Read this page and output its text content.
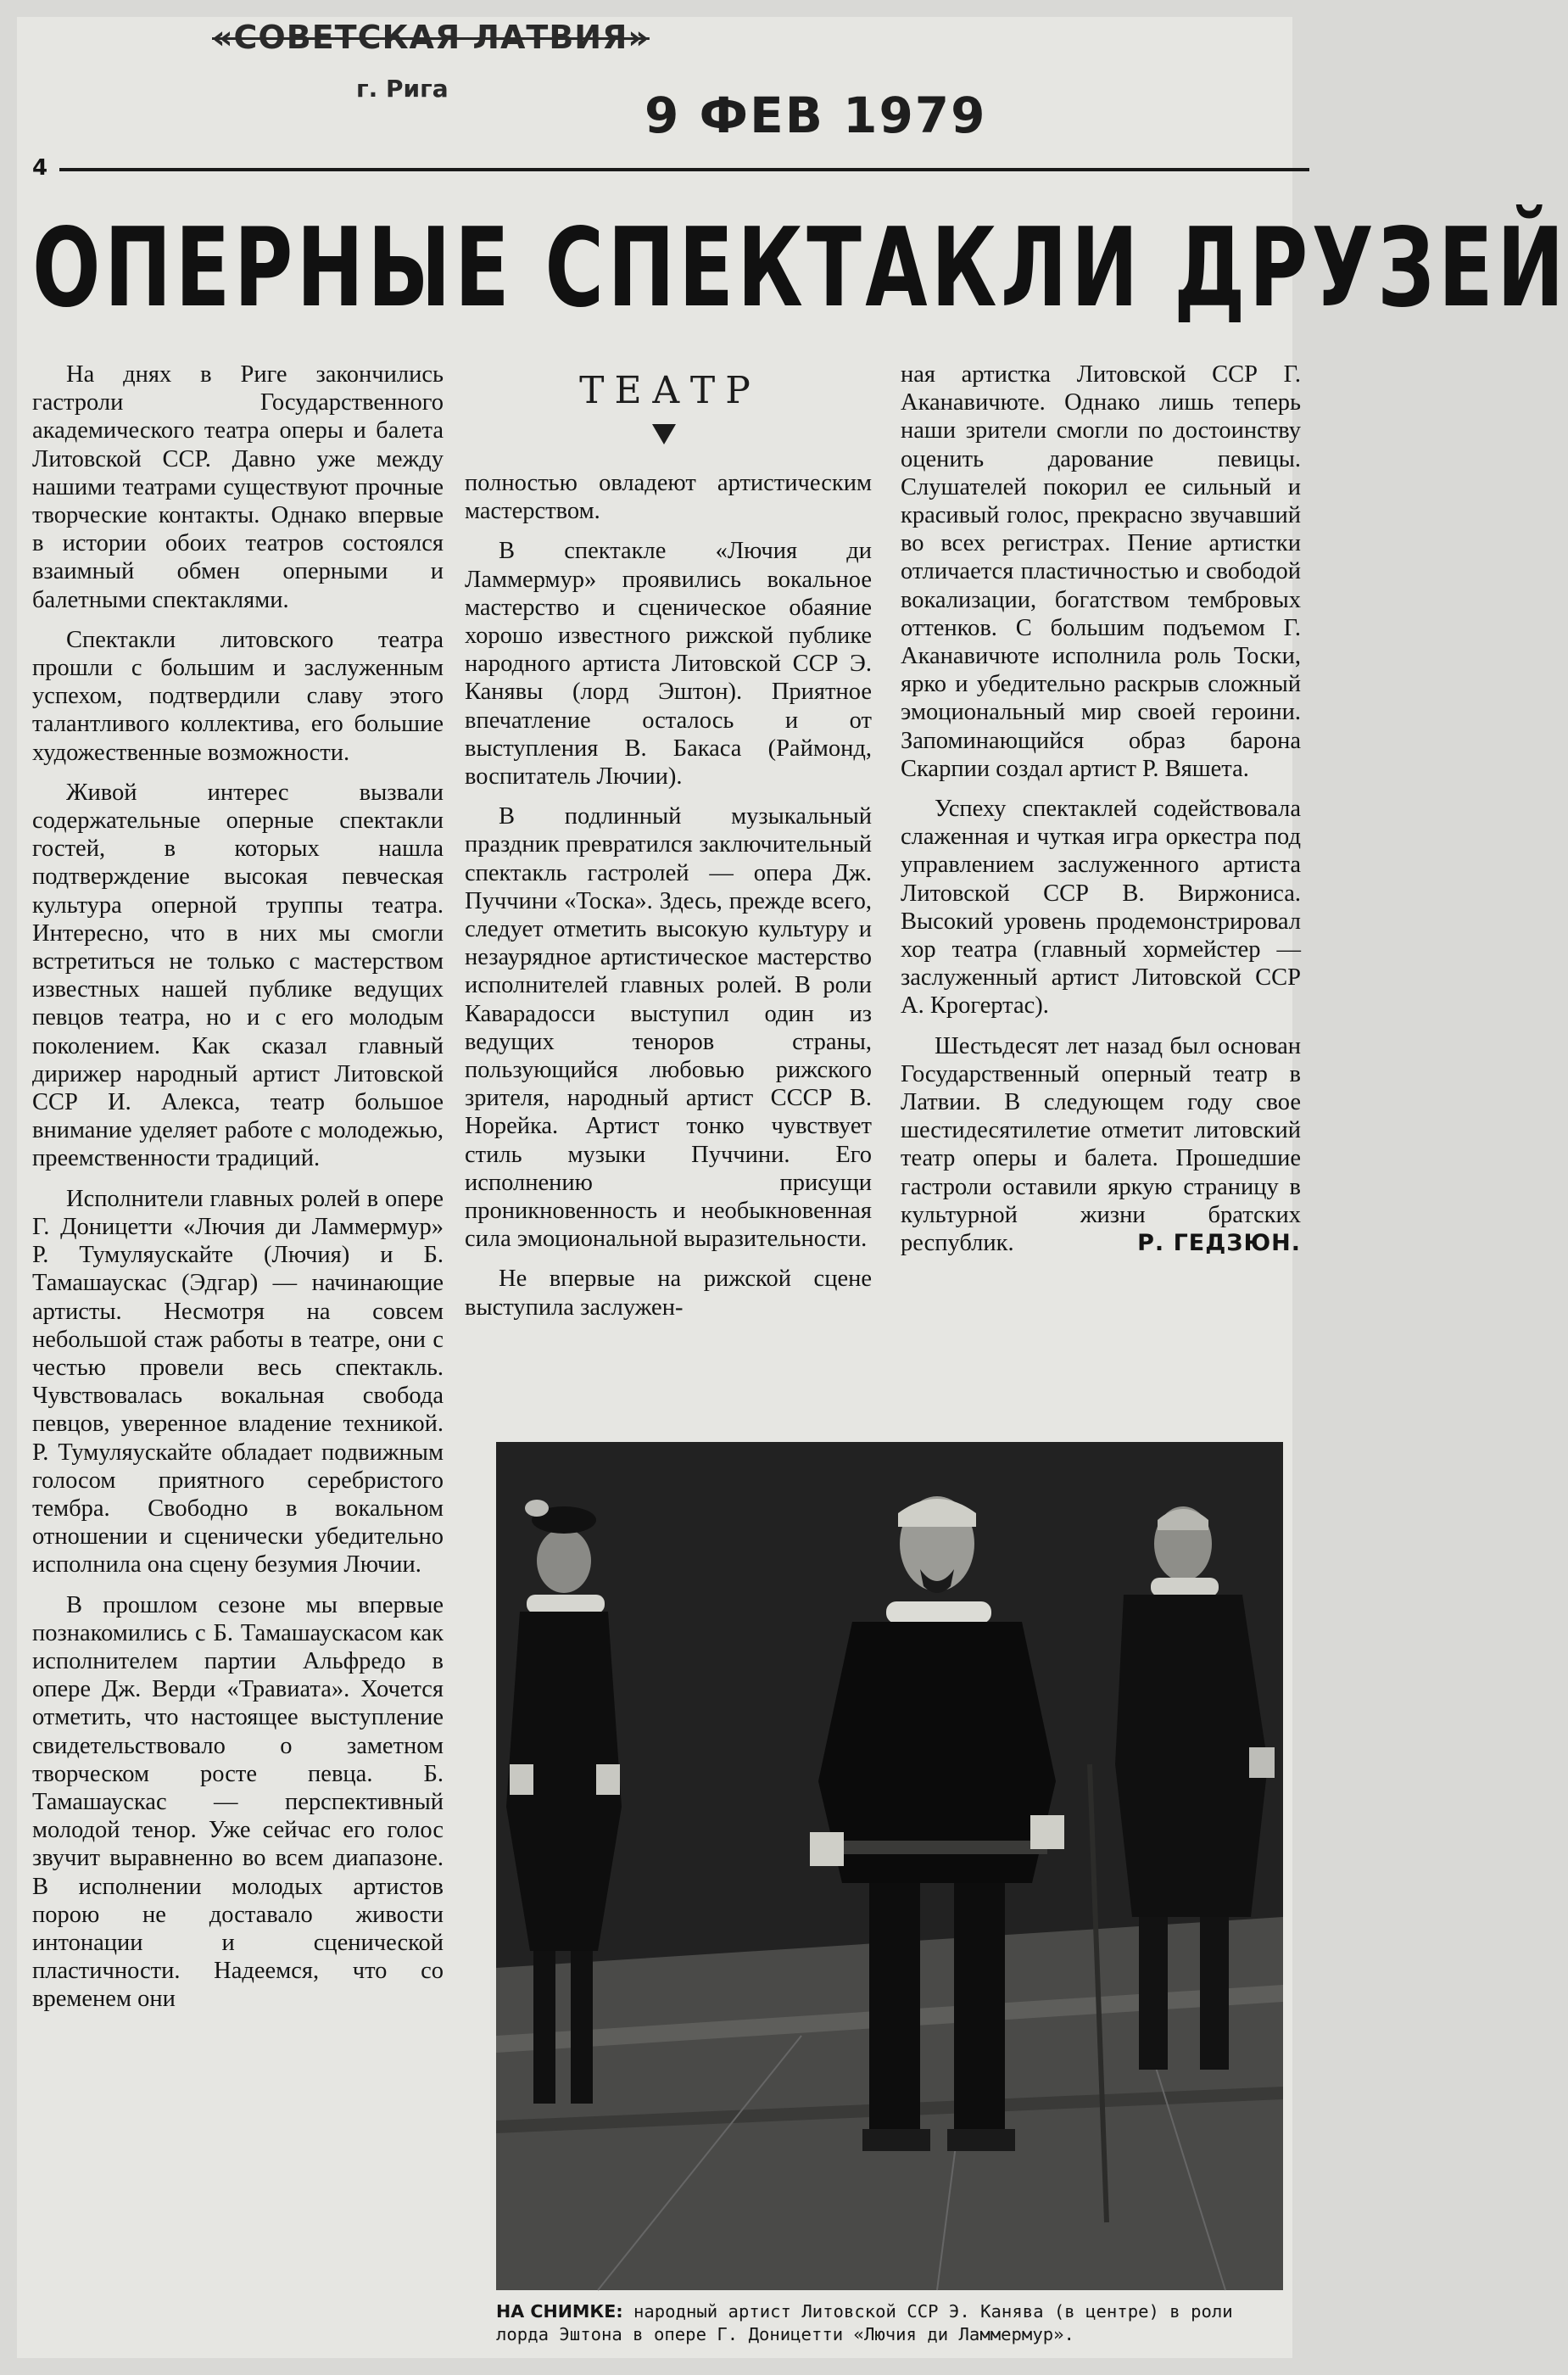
«СОВЕТСКАЯ ЛАТВИЯ»
г. Рига	9 ФЕВ 1979
4
ОПЕРНЫЕ СПЕКТАКЛИ ДРУЗЕЙ
ТЕАТР

На днях в Риге закончились гастроли Государственного академического театра оперы и балета Литовской ССР. Давно уже между нашими театрами существуют прочные творческие контакты. Однако впервые в истории обоих театров состоялся взаимный обмен оперными и балетными спектаклями.

Спектакли литовского театра прошли с большим и заслуженным успехом, подтвердили славу этого талантливого коллектива, его большие художественные возможности.

Живой интерес вызвали содержательные оперные спектакли гостей, в которых нашла подтверждение высокая певческая культура оперной труппы театра. Интересно, что в них мы смогли встретиться не только с мастерством известных нашей публике ведущих певцов театра, но и с его молодым поколением. Как сказал главный дирижер народный артист Литовской ССР И. Алекса, театр большое внимание уделяет работе с молодежью, преемственности традиций.

Исполнители главных ролей в опере Г. Доницетти «Лючия ди Ламмермур» Р. Тумуляускайте (Лючия) и Б. Тамашаускас (Эдгар) — начинающие артисты. Несмотря на совсем небольшой стаж работы в театре, они с честью провели весь спектакль. Чувствовалась вокальная свобода певцов, уверенное владение техникой. Р. Тумуляускайте обладает подвижным голосом приятного серебристого тембра. Свободно в вокальном отношении и сценически убедительно исполнила она сцену безумия Лючии.

В прошлом сезоне мы впервые познакомились с Б. Тамашаускасом как исполнителем партии Альфредо в опере Дж. Верди «Травиата». Хочется отметить, что настоящее выступление свидетельствовало о заметном творческом росте певца. Б. Тамашаускас — перспективный молодой тенор. Уже сейчас его голос звучит выравненно во всем диапазоне. В исполнении молодых артистов порою не доставало живости интонации и сценической пластичности. Надеемся, что со временем они

полностью овладеют артистическим мастерством.

В спектакле «Лючия ди Ламмермур» проявились вокальное мастерство и сценическое обаяние хорошо известного рижской публике народного артиста Литовской ССР Э. Канявы (лорд Эштон). Приятное впечатление осталось и от выступления В. Бакаса (Раймонд, воспитатель Лючии).

В подлинный музыкальный праздник превратился заключительный спектакль гастролей — опера Дж. Пуччини «Тоска». Здесь, прежде всего, следует отметить высокую культуру и незаурядное артистическое мастерство исполнителей главных ролей. В роли Каварадосси выступил один из ведущих теноров страны, пользующийся любовью рижского зрителя, народный артист СССР В. Норейка. Артист тонко чувствует стиль музыки Пуччини. Его исполнению присущи проникновенность и необыкновенная сила эмоциональной выразительности.

Не впервые на рижской сцене выступила заслужен-

ная артистка Литовской ССР Г. Аканавичюте. Однако лишь теперь наши зрители смогли по достоинству оценить дарование певицы. Слушателей покорил ее сильный и красивый голос, прекрасно звучавший во всех регистрах. Пение артистки отличается пластичностью и свободой вокализации, богатством тембровых оттенков. С большим подъемом Г. Аканавичюте исполнила роль Тоски, ярко и убедительно раскрыв сложный эмоциональный мир своей героини. Запоминающийся образ барона Скарпии создал артист Р. Вяшета.

Успеху спектаклей содействовала слаженная и чуткая игра оркестра под управлением заслуженного артиста Литовской ССР В. Виржониса. Высокий уровень продемонстрировал хор театра (главный хормейстер — заслуженный артист Литовской ССР А. Крогертас).

Шестьдесят лет назад был основан Государственный оперный театр в Латвии. В следующем году свое шестидесятилетие отметит литовский театр оперы и балета. Прошедшие гастроли оставили яркую страницу в культурной жизни братских республик.	Р. ГЕДЗЮН.

НА СНИМКЕ: народный артист Литовской ССР Э. Канява (в центре) в роли лорда Эштона в опере Г. Доницетти «Лючия ди Ламмермур».
